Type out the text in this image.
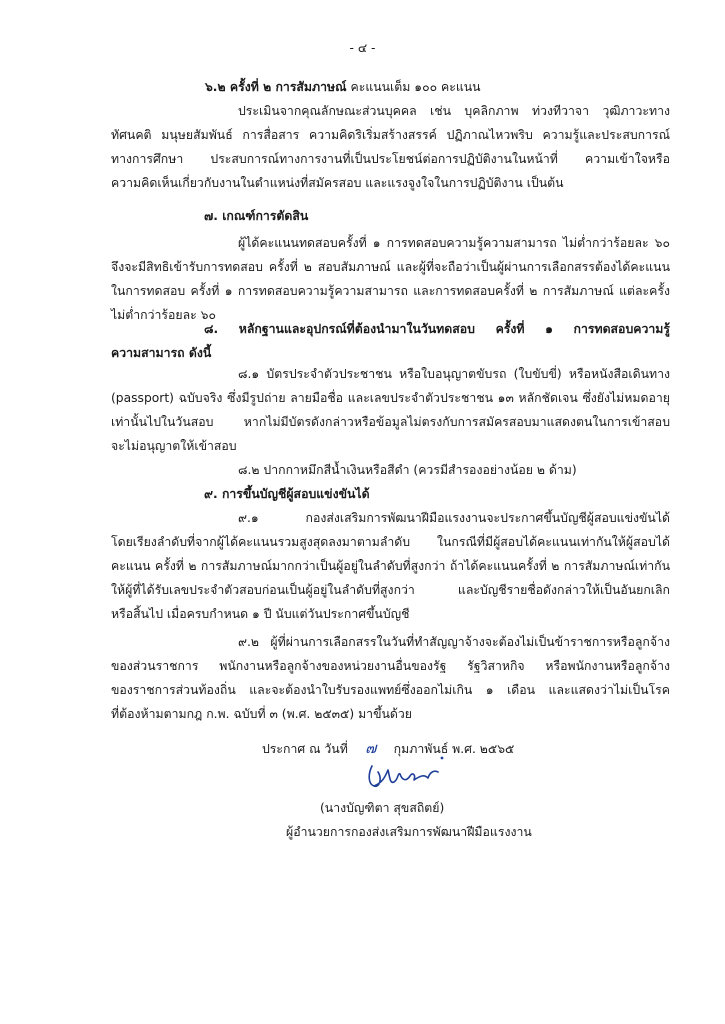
- ๔ -
๖.๒ ครั้งที่ ๒ การสัมภาษณ์ คะแนนเต็ม ๑๐๐ คะแนน
ประเมินจากคุณลักษณะส่วนบุคคล เช่น บุคลิกภาพ ท่วงทีวาจา วุฒิภาวะทาง
ทัศนคติ มนุษยสัมพันธ์ การสื่อสาร ความคิดริเริ่มสร้างสรรค์ ปฏิภาณไหวพริบ ความรู้และประสบการณ์
ทางการศึกษา ประสบการณ์ทางการงานที่เป็นประโยชน์ต่อการปฏิบัติงานในหน้าที่ ความเข้าใจหรือ
ความคิดเห็นเกี่ยวกับงานในตำแหน่งที่สมัครสอบ และแรงจูงใจในการปฏิบัติงาน เป็นต้น
๗. เกณฑ์การตัดสิน
ผู้ได้คะแนนทดสอบครั้งที่ ๑ การทดสอบความรู้ความสามารถ ไม่ต่ำกว่าร้อยละ ๖๐
จึงจะมีสิทธิเข้ารับการทดสอบ ครั้งที่ ๒ สอบสัมภาษณ์ และผู้ที่จะถือว่าเป็นผู้ผ่านการเลือกสรรต้องได้คะแนน
ในการทดสอบ ครั้งที่ ๑ การทดสอบความรู้ความสามารถ และการทดสอบครั้งที่ ๒ การสัมภาษณ์ แต่ละครั้ง
ไม่ต่ำกว่าร้อยละ ๖๐
๘. หลักฐานและอุปกรณ์ที่ต้องนำมาในวันทดสอบ ครั้งที่ ๑ การทดสอบความรู้
ความสามารถ ดังนี้
๘.๑ บัตรประจำตัวประชาชน หรือใบอนุญาตขับรถ (ใบขับขี่) หรือหนังสือเดินทาง
(passport) ฉบับจริง ซึ่งมีรูปถ่าย ลายมือชื่อ และเลขประจำตัวประชาชน ๑๓ หลักชัดเจน ซึ่งยังไม่หมดอายุ
เท่านั้นไปในวันสอบ หากไม่มีบัตรดังกล่าวหรือข้อมูลไม่ตรงกับการสมัครสอบมาแสดงตนในการเข้าสอบ
จะไม่อนุญาตให้เข้าสอบ
๘.๒ ปากกาหมึกสีน้ำเงินหรือสีดำ (ควรมีสำรองอย่างน้อย ๒ ด้าม)
๙. การขึ้นบัญชีผู้สอบแข่งขันได้
๙.๑ กองส่งเสริมการพัฒนาฝีมือแรงงานจะประกาศขึ้นบัญชีผู้สอบแข่งขันได้
โดยเรียงลำดับที่จากผู้ได้คะแนนรวมสูงสุดลงมาตามลำดับ ในกรณีที่มีผู้สอบได้คะแนนเท่ากันให้ผู้สอบได้
คะแนน ครั้งที่ ๒ การสัมภาษณ์มากกว่าเป็นผู้อยู่ในลำดับที่สูงกว่า ถ้าได้คะแนนครั้งที่ ๒ การสัมภาษณ์เท่ากัน
ให้ผู้ที่ได้รับเลขประจำตัวสอบก่อนเป็นผู้อยู่ในลำดับที่สูงกว่า และบัญชีรายชื่อดังกล่าวให้เป็นอันยกเลิก
หรือสิ้นไป เมื่อครบกำหนด ๑ ปี นับแต่วันประกาศขึ้นบัญชี
๙.๒ ผู้ที่ผ่านการเลือกสรรในวันที่ทำสัญญาจ้างจะต้องไม่เป็นข้าราชการหรือลูกจ้าง
ของส่วนราชการ พนักงานหรือลูกจ้างของหน่วยงานอื่นของรัฐ รัฐวิสาหกิจ หรือพนักงานหรือลูกจ้าง
ของราชการส่วนท้องถิ่น และจะต้องนำใบรับรองแพทย์ซึ่งออกไม่เกิน ๑ เดือน และแสดงว่าไม่เป็นโรค
ที่ต้องห้ามตามกฎ ก.พ. ฉบับที่ ๓ (พ.ศ. ๒๕๓๕) มาขึ้นด้วย
ประกาศ ณ วันที่ ๗ กุมภาพันธ์ พ.ศ. ๒๕๖๕
(นางบัญฑิตา สุขสถิตย์)
ผู้อำนวยการกองส่งเสริมการพัฒนาฝีมือแรงงาน
